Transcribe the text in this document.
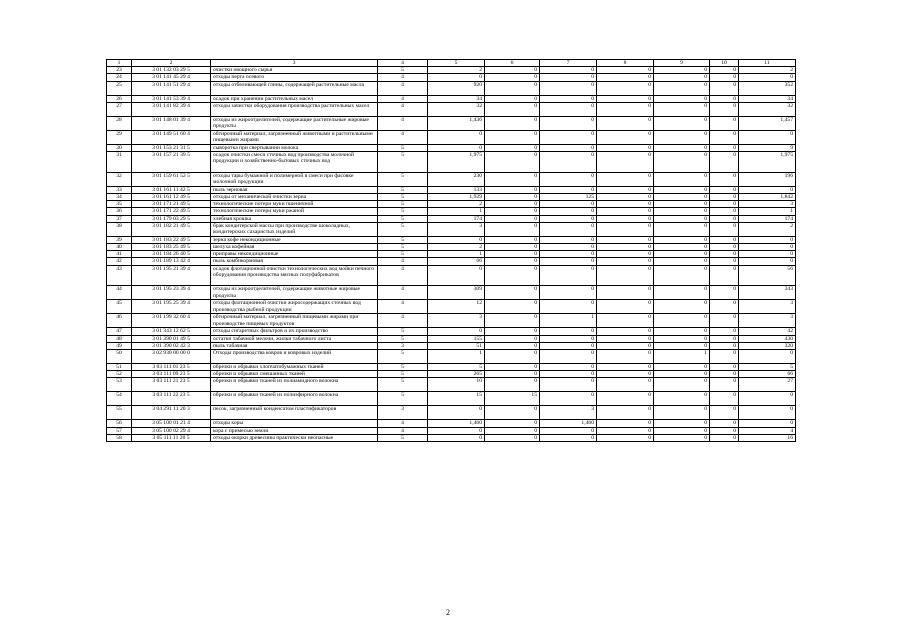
1	2	3	4	5	6	7	8	9	10	11
23	3 01 132 03 29 5	очистки овощного сырья	5	2	0	0	0	0	0	2
24	3 01 141 45 29 4	отходы перга осевого	4	0	0	0	0	0	0	0
25	3 01 141 51 29 4	отходы отбеливающей глины, содержащей растительные масла	4	920	0	0	0	0	0	352
26	3 01 141 53 39 4	осадок при хранении растительных масел	4	34	0	0	0	0	0	34
27	3 01 141 82 39 4	отходы зачистки оборудования производства растительных масел	4	32	0	0	0	0	0	32
28	3 01 148 01 39 4	отходы из жироотделителей, содержащие растительные жировые продукты	4	1,436	0	0	0	0	0	1,457
29	3 01 149 51 60 4	обтирочный материал, загрязненный животными и растительными пищевыми жирами	4	0	0	0	0	0	0	0
30	3 01 153 21 31 5	сыворотка при свертывании молока	5	0	0	0	0	0	0	9
31	3 01 157 21 39 5	осадок очистки смеси сточных вод производства молочной продукции и хозяйственно-бытовых сточных вод	5	1,975	0	0	0	0	0	1,975
32	3 01 159 61 52 5	отходы тары бумажной и полимерной в смеси при фасовке молочной продукции	5	230	0	0	0	0	0	196
33	3 01 161 11 42 5	пыль зерновая	5	133	0	0	0	0	0	0
34	3 01 161 12 49 5	отходы от механической очистки зерна	5	1,929	0	125	0	0	0	1,842
35	3 01 171 21 49 5	технологические потери муки пшеничной	5	2	0	0	0	0	0	3
36	3 01 171 22 49 5	технологические потери муки ржаной	5	1	0	0	0	0	0	1
37	3 01 179 03 29 5	хлебная крошка	5	174	0	0	0	0	0	174
38	3 01 182 21 49 5	брак кондитерской массы при производстве шоколадных, кондитерских сахаристых изделий	5	3	0	0	0	0	0	2
39	3 01 183 22 49 5	зерна кофе некондиционные	5	0	0	0	0	0	0	0
40	3 01 183 25 49 5	шелуха кофейная	5	2	0	0	0	0	0	0
41	3 01 184 26 40 5	приправы некондиционные	5	1	0	0	0	0	0	0
42	3 01 189 13 42 4	пыль комбикормовая	4	66	0	0	0	0	0	0
43	3 01 195 21 39 4	осадок флотационной очистки технологических вод мойки печного оборудования производства мясных полуфабрикатов	4	0	0	0	0	0	0	56
44	3 01 195 23 39 4	отходы из жироотделителей, содержащие животные жировые продукты	4	309	0	0	0	0	0	343
45	3 01 195 25 39 4	отходы флотационной очистки жиросодержащих сточных вод производства рыбной продукции	4	12	0	0	0	0	0	3
46	3 01 199 32 60 4	обтирочный материал, загрязненный пищевыми жирами при производстве пищевых продуктов	4	3	0	1	0	0	0	3
47	3 01 343 12 62 5	отходы сигаретных фильтров и их производство	5	0	0	0	0	0	0	42
48	3 01 390 01 49 5	остатки табачной мелочи, жилки табачного листа	5	155	0	0	0	0	0	430
49	3 01 390 02 42 3	пыль табачная	3	51	0	0	0	0	0	320
50	3 02 930 00 00 0	Отходы производства ковров и ковровых изделий	5	1	0	0	0	1	0	0
51	3 03 111 01 23 5	обрезки и обрывки хлопчатобумажных тканей	5	5	0	0	0	0	0	5
52	3 03 111 09 23 5	обрезки и обрывки смешанных тканей	5	265	0	0	0	0	0	66
53	3 03 111 21 23 5	обрезки и обрывки тканей из полиамидного волокна	5	10	0	0	0	0	0	27
54	3 03 111 22 23 5	обрезки и обрывки тканей из полиэфирного волокна	5	15	15	0	0	0	0	0
55	3 04 291 11 20 3	песок, загрязненный конденсатом пластификаторов	3	0	0	3	0	0	0	0
56	3 05 100 01 21 4	отходы коры	4	1,460	0	1,460	0	0	0	0
57	3 05 100 02 29 4	кора с примесью земли	4	0	0	0	0	0	0	4
58	3 05 111 11 20 5	отходы окорки древесины практически неопасные	5	0	0	0	0	0	0	16
2
